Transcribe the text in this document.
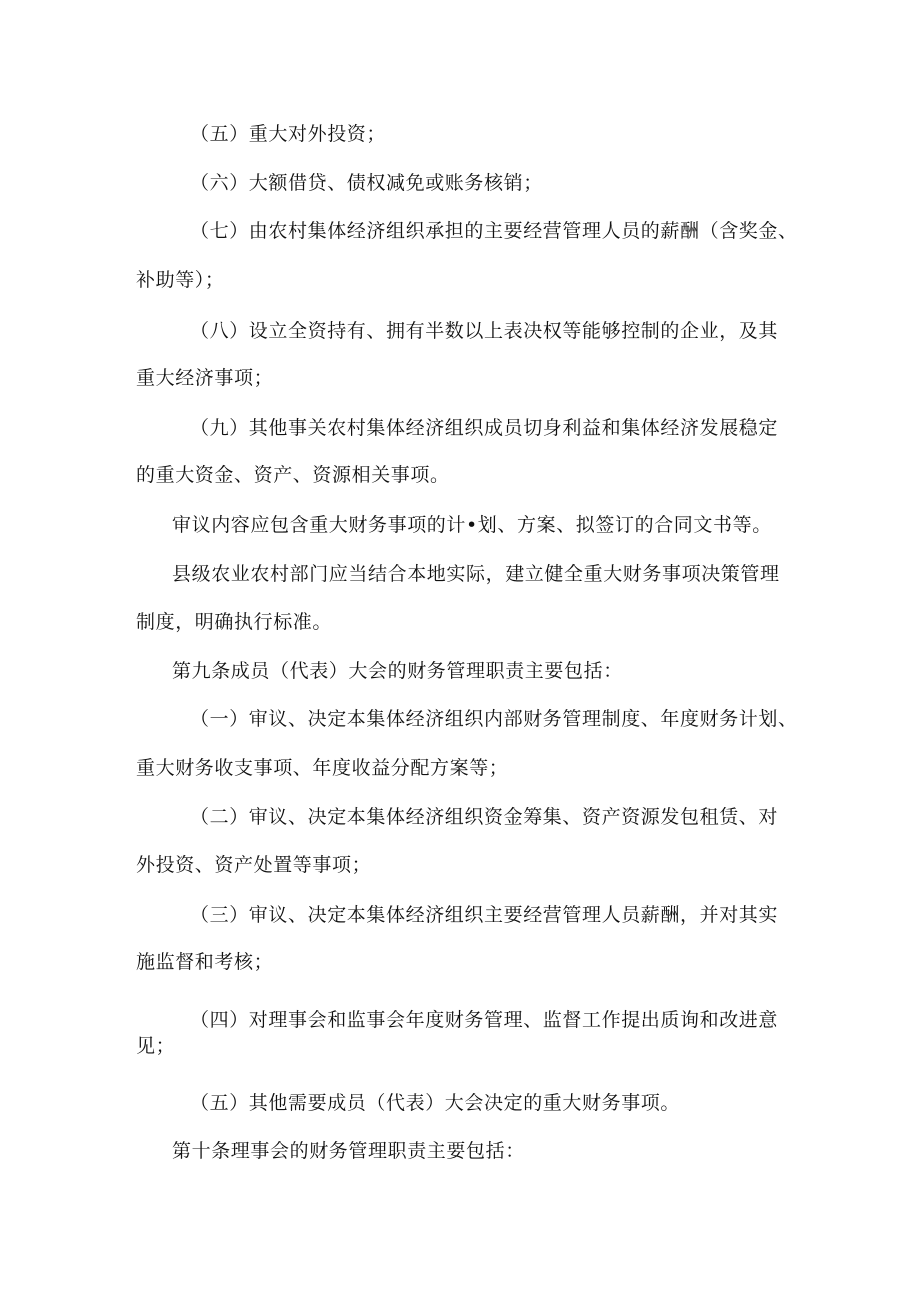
（五）重大对外投资；
（六）大额借贷、债权减免或账务核销；
（七）由农村集体经济组织承担的主要经营管理人员的薪酬（含奖金、
补助等）；
（八）设立全资持有、拥有半数以上表决权等能够控制的企业，及其
重大经济事项；
（九）其他事关农村集体经济组织成员切身利益和集体经济发展稳定
的重大资金、资产、资源相关事项。
审议内容应包含重大财务事项的计•划、方案、拟签订的合同文书等。
县级农业农村部门应当结合本地实际，建立健全重大财务事项决策管理
制度，明确执行标准。
第九条成员（代表）大会的财务管理职责主要包括：
（一）审议、决定本集体经济组织内部财务管理制度、年度财务计划、
重大财务收支事项、年度收益分配方案等；
（二）审议、决定本集体经济组织资金筹集、资产资源发包租赁、对
外投资、资产处置等事项；
（三）审议、决定本集体经济组织主要经营管理人员薪酬，并对其实
施监督和考核；
（四）对理事会和监事会年度财务管理、监督工作提出质询和改进意
见；
（五）其他需要成员（代表）大会决定的重大财务事项。
第十条理事会的财务管理职责主要包括：
